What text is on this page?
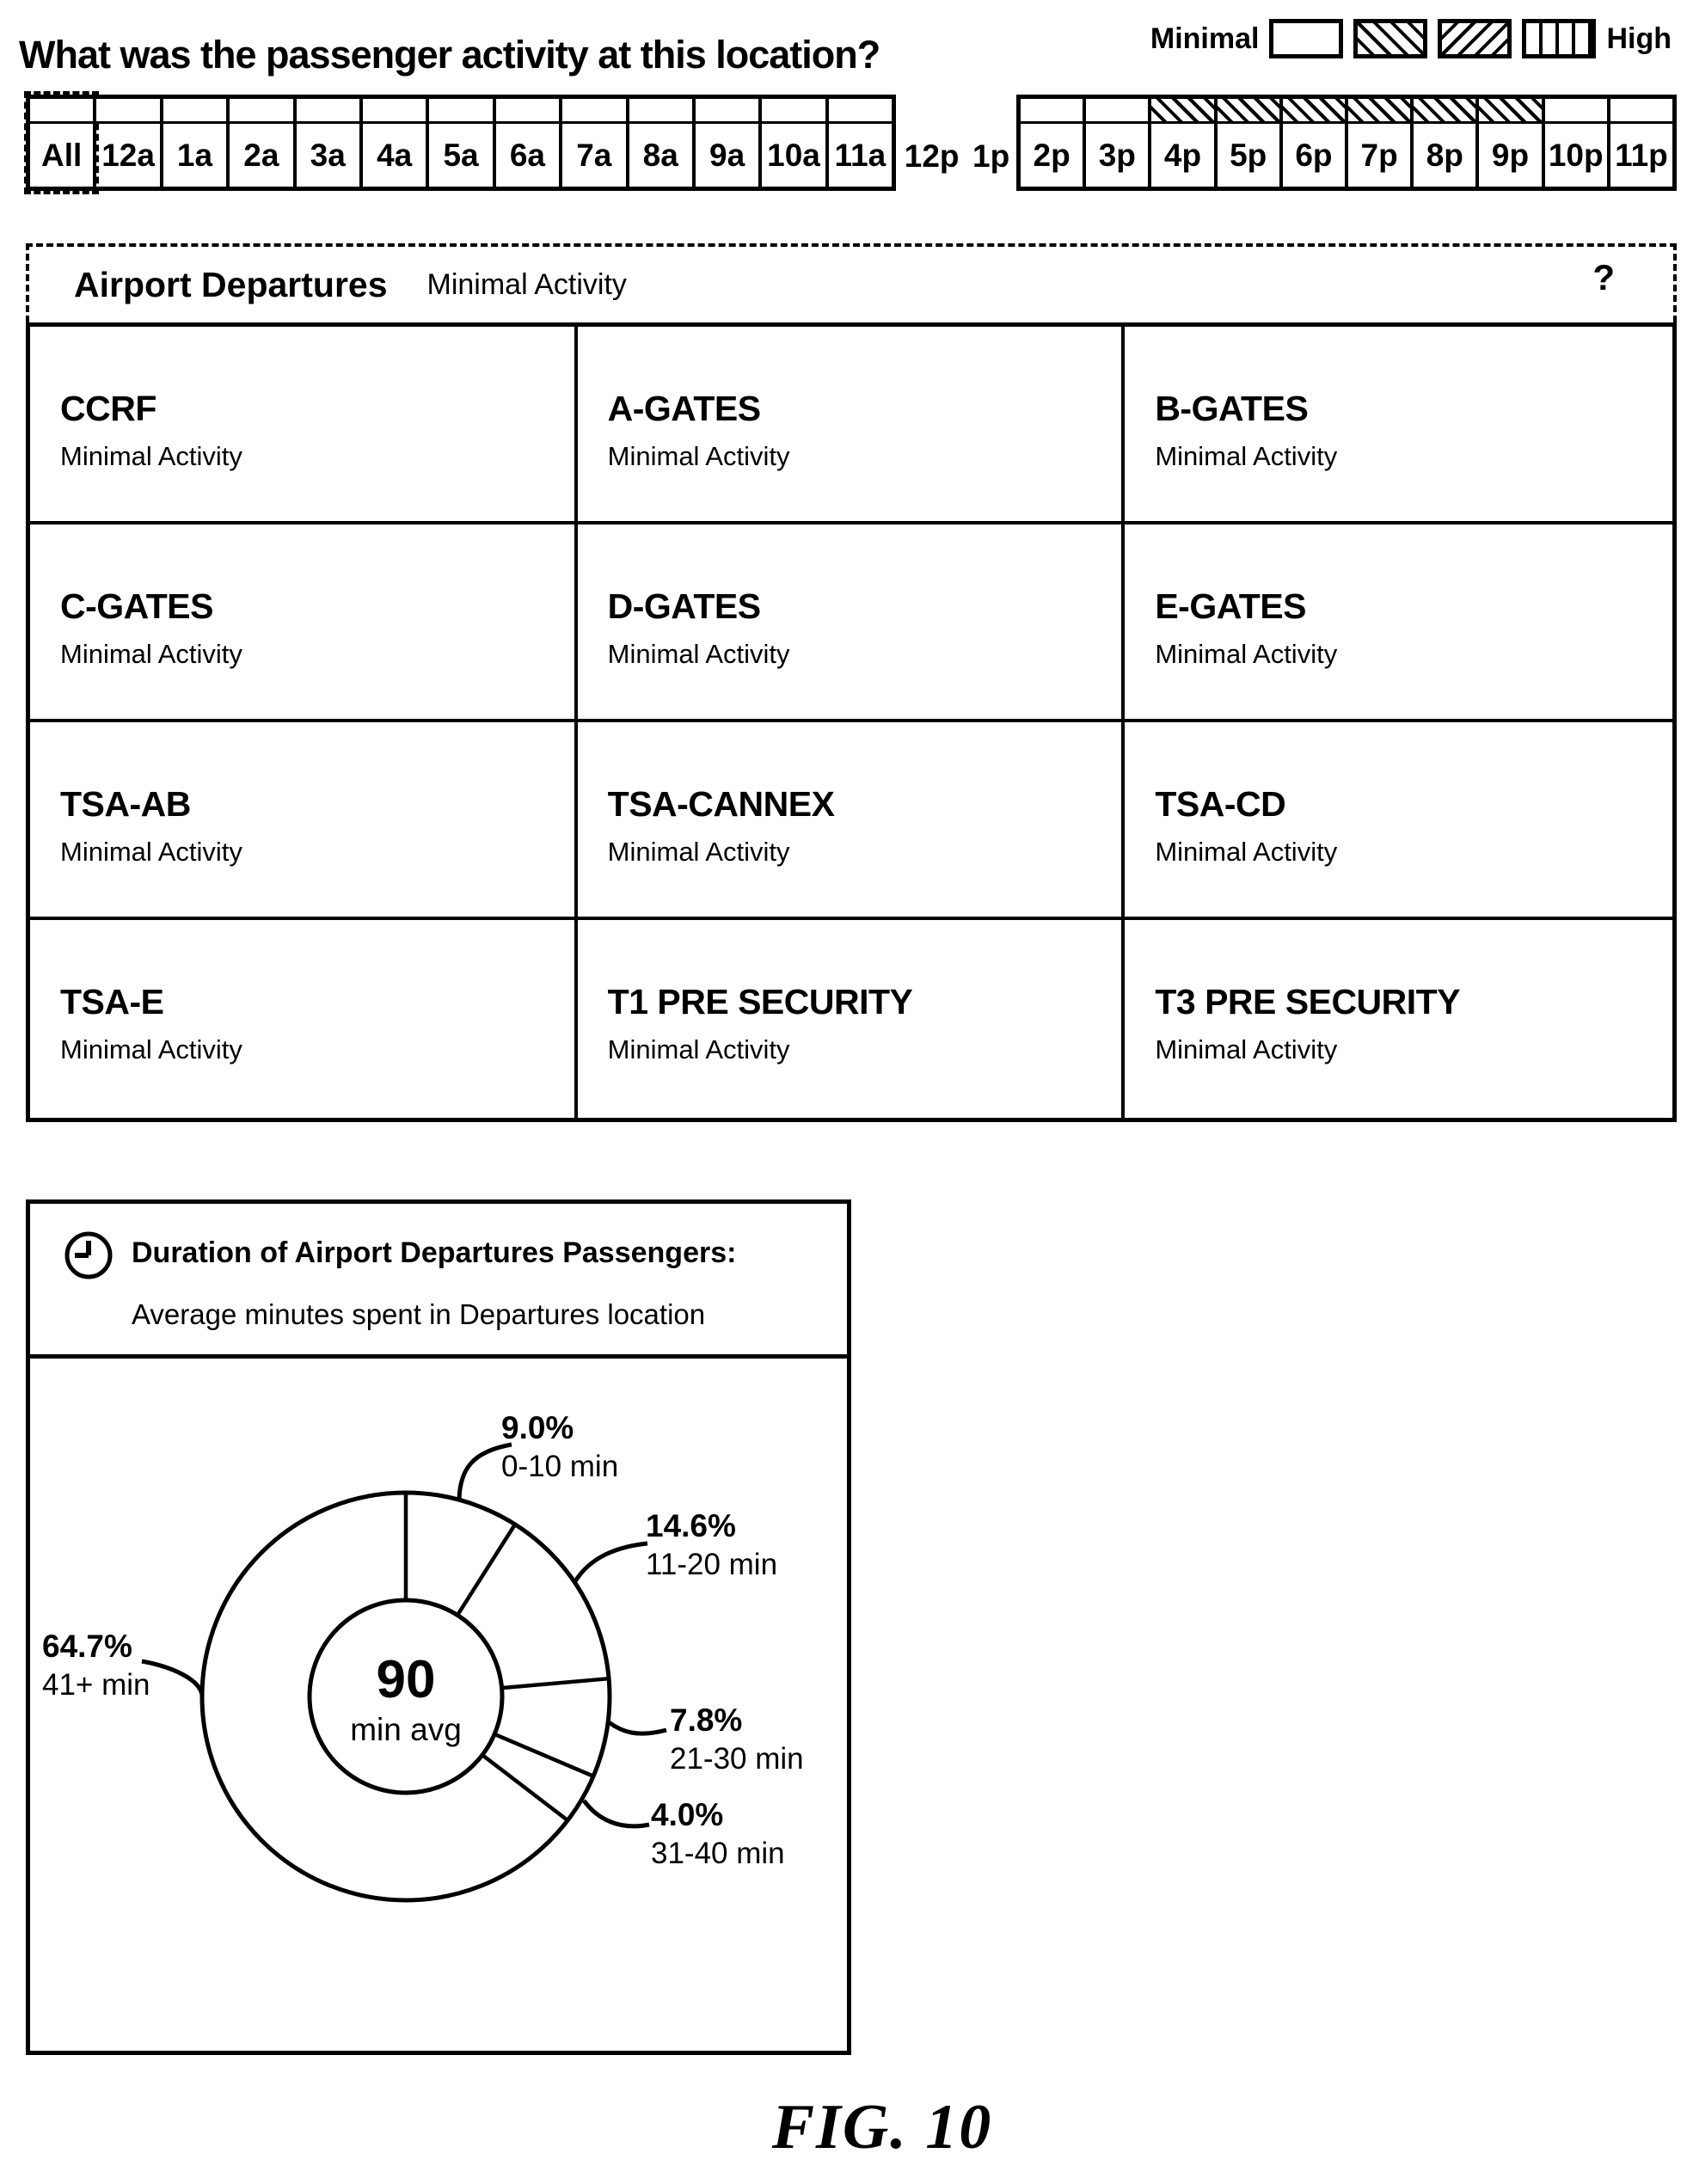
What was the passenger activity at this location?	Minimal	High
All 12a 1a 2a 3a 4a 5a 6a 7a 8a 9a 10a 11a 12p 1p 2p 3p 4p 5p 6p 7p 8p 9p 10p 11p
Airport Departures Minimal Activity	?
CCRF
Minimal Activity
A-GATES
Minimal Activity
B-GATES
Minimal Activity
C-GATES
Minimal Activity
D-GATES
Minimal Activity
E-GATES
Minimal Activity
TSA-AB
Minimal Activity
TSA-CANNEX
Minimal Activity
TSA-CD
Minimal Activity
TSA-E
Minimal Activity
T1 PRE SECURITY
Minimal Activity
T3 PRE SECURITY
Minimal Activity
Duration of Airport Departures Passengers:
Average minutes spent in Departures location
9.0%
0-10 min
14.6%
11-20 min
7.8%
21-30 min
4.0%
31-40 min
64.7%
41+ min	90
min avg
FIG. 10
